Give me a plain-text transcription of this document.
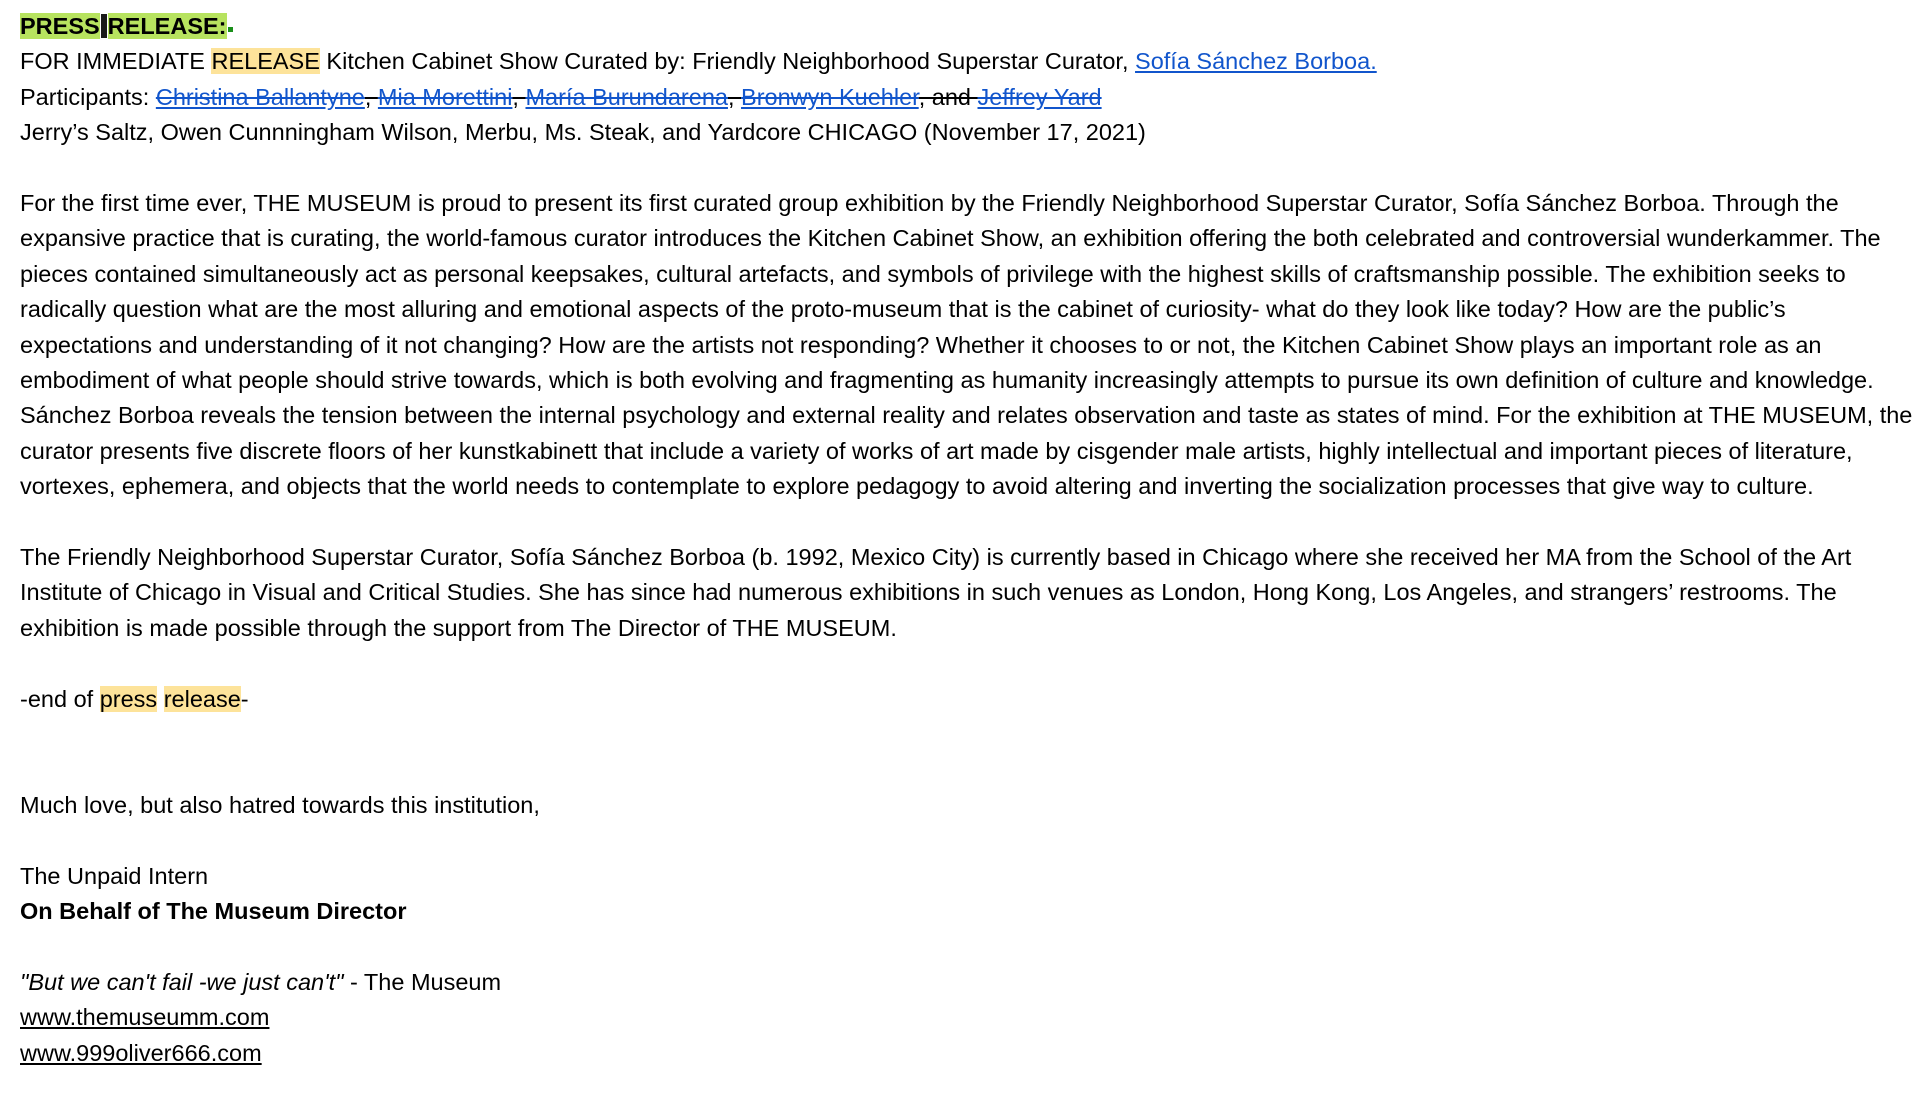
PRESS RELEASE:

FOR IMMEDIATE RELEASE Kitchen Cabinet Show Curated by: Friendly Neighborhood Superstar Curator, Sofía Sánchez Borboa.

Participants: Christina Ballantyne, Mia Morettini, María Burundarena, Bronwyn Kuehler, and Jeffrey Yard

Jerry’s Saltz, Owen Cunnningham Wilson, Merbu, Ms. Steak, and Yardcore CHICAGO (November 17, 2021)

For the first time ever, THE MUSEUM is proud to present its first curated group exhibition by the Friendly Neighborhood Superstar Curator, Sofía Sánchez Borboa. Through the expansive practice that is curating, the world-famous curator introduces the Kitchen Cabinet Show, an exhibition offering the both celebrated and controversial wunderkammer. The pieces contained simultaneously act as personal keepsakes, cultural artefacts, and symbols of privilege with the highest skills of craftsmanship possible. The exhibition seeks to radically question what are the most alluring and emotional aspects of the proto-museum that is the cabinet of curiosity- what do they look like today? How are the public’s expectations and understanding of it not changing? How are the artists not responding? Whether it chooses to or not, the Kitchen Cabinet Show plays an important role as an embodiment of what people should strive towards, which is both evolving and fragmenting as humanity increasingly attempts to pursue its own definition of culture and knowledge. Sánchez Borboa reveals the tension between the internal psychology and external reality and relates observation and taste as states of mind. For the exhibition at THE MUSEUM, the curator presents five discrete floors of her kunstkabinett that include a variety of works of art made by cisgender male artists, highly intellectual and important pieces of literature, vortexes, ephemera, and objects that the world needs to contemplate to explore pedagogy to avoid altering and inverting the socialization processes that give way to culture.

The Friendly Neighborhood Superstar Curator, Sofía Sánchez Borboa (b. 1992, Mexico City) is currently based in Chicago where she received her MA from the School of the Art Institute of Chicago in Visual and Critical Studies. She has since had numerous exhibitions in such venues as London, Hong Kong, Los Angeles, and strangers’ restrooms. The exhibition is made possible through the support from The Director of THE MUSEUM.

-end of press release-

Much love, but also hatred towards this institution,

The Unpaid Intern

On Behalf of The Museum Director

"But we can't fail -we just can't" - The Museum

www.themuseumm.com

www.999oliver666.com
